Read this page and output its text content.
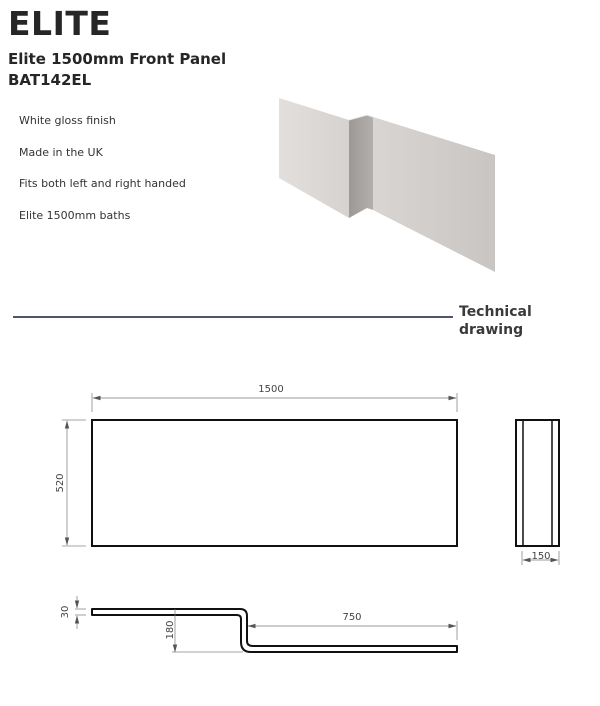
ELITE
Elite 1500mm Front Panel
BAT142EL
White gloss finish
Made in the UK
Fits both left and right handed
Elite 1500mm baths
Technical drawing
1500
520
150
30
180
750
